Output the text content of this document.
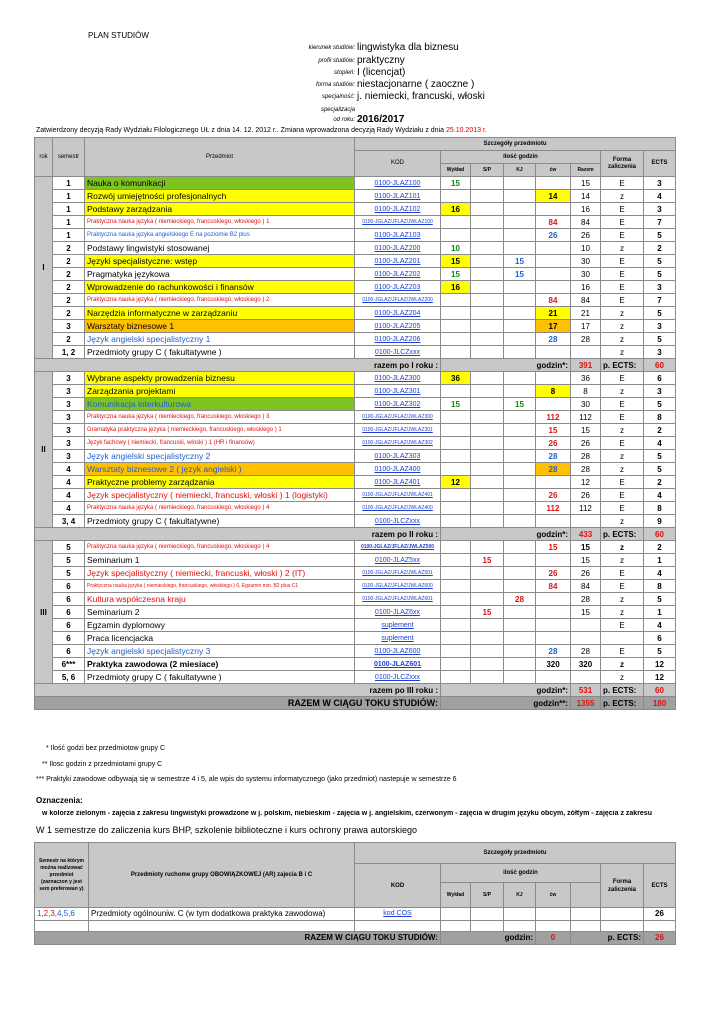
PLAN STUDIÓW
kierunek studiów: lingwistyka dla biznesu
profil studiów: praktyczny
stopień: I (licencjat)
forma studiów: niestacjonarne ( zaoczne )
specjalność: j. niemiecki, francuski, włoski
specjalizacja
od roku: 2016/2017
Zatwierdzony decyzją Rady Wydziału Filologicznego UŁ z dnia 14. 12. 2012 r.. Zmiana wprowadzona decyzją Rady Wydziału z dnia 25.10.2013 r.
rok	semestr	Przedmiot	Szczegóły przedmiotu							
			KOD	ilość godzin					Forma zaliczenia	ECTS
				Wykład	S/P	KJ	ćw	Razem		
I	1	Nauka o komunikacji	0100-JLAZ100	15				15	E	3
	1	Rozwój umiejętności profesjonalnych	0100-JLAZ101				14	14	z	4
	1	Podstawy zarządzania	0100-JLAZ102	16				16	E	3
	1	Praktyczna nauka języka ( niemieckiego, francuskiego, włoskiego ) 1	0100-JGLAZ/JFLAZ/JWLAZ100				84	84	E	7
	1	Praktyczna nauka języka angielskiego E na poziomie B2 plus	0100-JLAZ103				26	26	E	5
	2	Podstawy lingwistyki stosowanej	0100-JLAZ200	10				10	z	2
	2	Języki specjalistyczne: wstęp	0100-JLAZ201	15		15		30	E	5
	2	Pragmatyka językowa	0100-JLAZ202	15		15		30	E	5
	2	Wprowadzenie do rachunkowości i finansów	0100-JLAZ203	16				16	E	3
	2	Praktyczna nauka języka ( niemieckiego, francuskiego, włoskiego ) 2	0100-JGLAZ/JFLAZ/JWLAZ200				84	84	E	7
	2	Narzędzia informatyczne w zarządzaniu	0100-JLAZ204				21	21	z	5
	3	Warsztaty biznesowe 1	0100-JLAZ205				17	17	z	3
	2	Język angielski specjalistyczny 1	0100-JLAZ206				28	28	z	5
	1, 2	Przedmioty grupy C ( fakultatywne )	0100-JLCZxxx						z	3
razem po I roku :				godzin*:				391	p. ECTS:	60
II	3	Wybrane aspekty prowadzenia biznesu	0100-JLAZ300	36				36	E	6
	3	Zarządzania projektami	0100-JLAZ301				8	8	z	3
	3	Komunikacja interkulturowa	0100-JLAZ302	15		15		30	E	5
	3	Praktyczna nauka języka ( niemieckiego, francuskiego, włoskiego ) 3	0100-JGLAZ/JFLAZ/JWLAZ300				112	112	E	8
	3	Gramatyka praktyczna języka ( niemieckiego, francuskiego, włoskiego ) 1	0100-JGLAZ/JFLAZ/JWLAZ301				15	15	z	2
	3	Język fachowy ( niemiecki, francuski, włoski ) 1 (HR i finansów)	0100-JGLAZ/JFLAZ/JWLAZ302				26	26	E	4
	3	Język angielski specjalistyczny 2	0100-JLAZ303				28	28	z	5
	4	Warsztaty biznesowe 2 ( język angielski )	0100-JLAZ400				28	28	z	5
	4	Praktyczne problemy zarządzania	0100-JLAZ401	12				12	E	2
	4	Język specjalistyczny ( niemiecki, francuski, włoski ) 1 (logistyki)	0100-JGLAZ/JFLAZ/JWLAZ401				26	26	E	4
	4	Praktyczna nauka języka ( niemieckiego, francuskiego, włoskiego ) 4	0100-JGLAZ/JFLAZ/JWLAZ400				112	112	E	8
	3, 4	Przedmioty grupy C ( fakultatywne)	0100-JLCZxxx						z	9
razem po II roku :				godzin*:				433	p. ECTS:	60
III	5	Praktyczna nauka języka ( niemieckiego, francuskiego, włoskiego ) 4	0100-JGLAZ/JFLAZ/JWLAZ500				15	15	z	2
	5	Seminarium 1	0100-JLAZ5xx		15			15	z	1
	5	Język specjalistyczny ( niemiecki, francuski, włoski ) 2 (IT)	0100-JGLAZ/JFLAZ/JWLAZ501				26	26	E	4
	6	Praktyczna nauka języka ( niemieckiego, francuskiego, włoskiego ) 6, Egzamin min. B2 plus-C1	0100-JGLAZ/JFLAZ/JWLAZ600				84	84	E	8
	6	Kultura współczesna kraju	0100-JGLAZ/JFLAZ/JWLAZ601			28		28	z	5
	6	Seminarium 2	0100-JLAZ6xx		15			15	z	1
	6	Egzamin dyplomowy	suplement						E	4
	6	Praca licencjacka	suplement							6
	6	Język angielski specjalistyczny 3	0100-JLAZ600				28	28	E	5
	6***	Praktyka zawodowa (2 miesiace)	0100-JLAZ601				320	320	z	12
	5, 6	Przedmioty grupy C ( fakultatywne )	0100-JLCZxxx						z	12
razem po III roku :				godzin*:				531	p. ECTS:	60
RAZEM W CIĄGU TOKU STUDIÓW:				godzin**:				1355	p. ECTS:	180
* Ilość godzi bez przedmiotow grupy C
** Ilosc godzin z przedmiotami grupy C
*** Praktyki zawodowe odbywają się w semestrze 4 i 5, ale wpis do systemu informatycznego (jako przedmiot) nastepuje w semestrze 6
Oznaczenia:
w kolorze zielonym - zajęcia z zakresu lingwistyki prowadzone w j. polskim, niebieskim - zajęcia w j. angielskim, czerwonym - zajęcia w drugim języku obcym, żółtym - zajęcia z zakresu
W 1 semestrze do zaliczenia kurs BHP, szkolenie biblioteczne i kurs ochrony prawa autorskiego
Semestr na którym można realizować przedmiot (zaznaczon y jest sem preferowan y)	Przedmioty ruchome grupy OBOWIĄZKOWEJ (AR) zajecia B i C	Szczegóły przedmiotu							
		KOD	ilość godzin					Forma zaliczenia	ECTS
			Wykład	S/P	KJ	ćw			
1,2,3,4,5,6	Przedmioty ogólnouniw. C (w tym dodatkowa praktyka zawodowa)	kod COS							26

RAZEM W CIĄGU TOKU STUDIÓW:			godzin:			0	p. ECTS:		26
